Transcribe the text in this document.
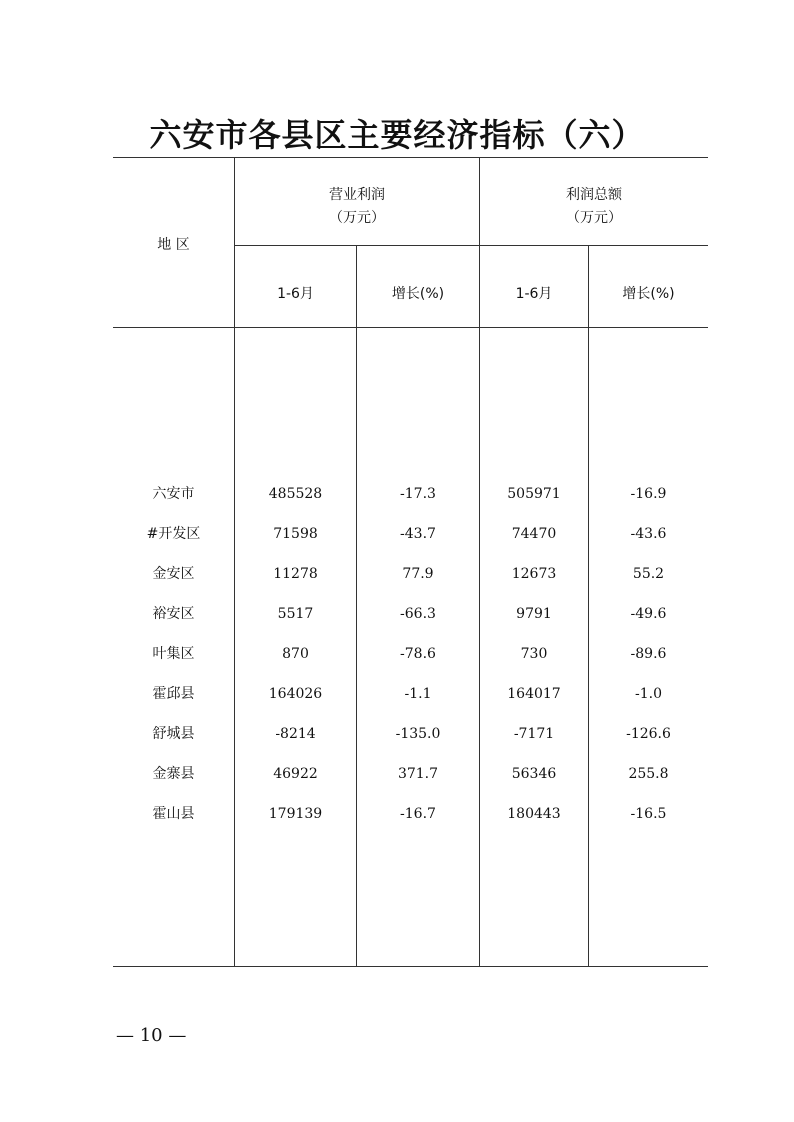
六安市各县区主要经济指标（六）
地 区
营业利润
（万元）
利润总额
（万元）
1-6月	增长(%)	1-6月	增长(%)
六安市	485528	-17.3	505971	-16.9
#开发区	71598	-43.7	74470	-43.6
金安区	11278	77.9	12673	55.2
裕安区	5517	-66.3	9791	-49.6
叶集区	870	-78.6	730	-89.6
霍邱县	164026	-1.1	164017	-1.0
舒城县	-8214	-135.0	-7171	-126.6
金寨县	46922	371.7	56346	255.8
霍山县	179139	-16.7	180443	-16.5
— 10 —
